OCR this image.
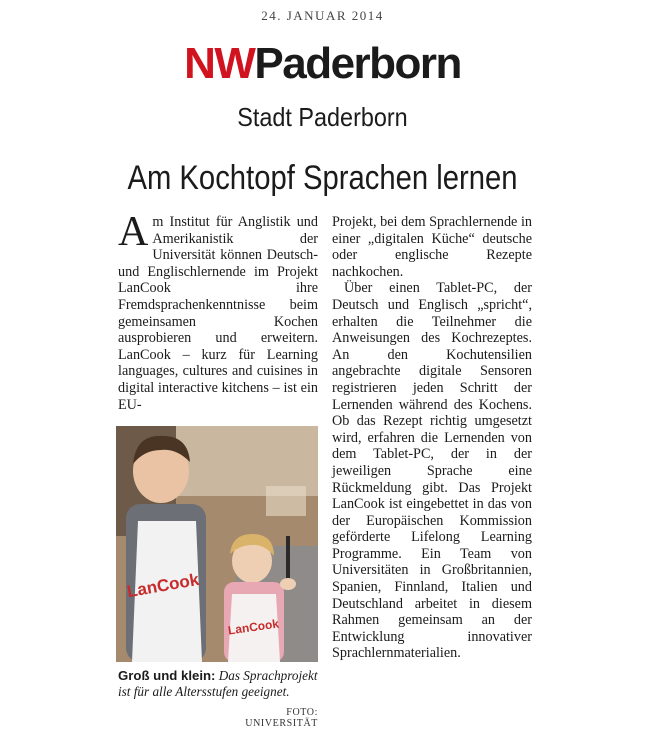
24. JANUAR 2014
NWPaderborn
Stadt Paderborn
Am Kochtopf Sprachen lernen

Am Institut für Anglistik und Amerikanistik der Universität können Deutsch- und Englischlernende im Projekt LanCook ihre Fremdsprachenkenntnisse beim gemeinsamen Kochen ausprobieren und erweitern. LanCook – kurz für Learning languages, cultures and cuisines in digital interactive kitchens – ist ein EU-

LanCook
LanCook
Groß und klein: Das Sprachprojekt ist für alle Altersstufen geeignet.
FOTO: UNIVERSITÄT

Projekt, bei dem Sprachlernende in einer „digitalen Küche“ deutsche oder englische Rezepte nachkochen.

Über einen Tablet-PC, der Deutsch und Englisch „spricht“, erhalten die Teilnehmer die Anweisungen des Kochrezeptes. An den Kochutensilien angebrachte digitale Sensoren registrieren jeden Schritt der Lernenden während des Kochens. Ob das Rezept richtig umgesetzt wird, erfahren die Lernenden von dem Tablet-PC, der in der jeweiligen Sprache eine Rückmeldung gibt. Das Projekt LanCook ist eingebettet in das von der Europäischen Kommission geförderte Lifelong Learning Programme. Ein Team von Universitäten in Großbritannien, Spanien, Finnland, Italien und Deutschland arbeitet in diesem Rahmen gemeinsam an der Entwicklung innovativer Sprachlernmaterialien.
